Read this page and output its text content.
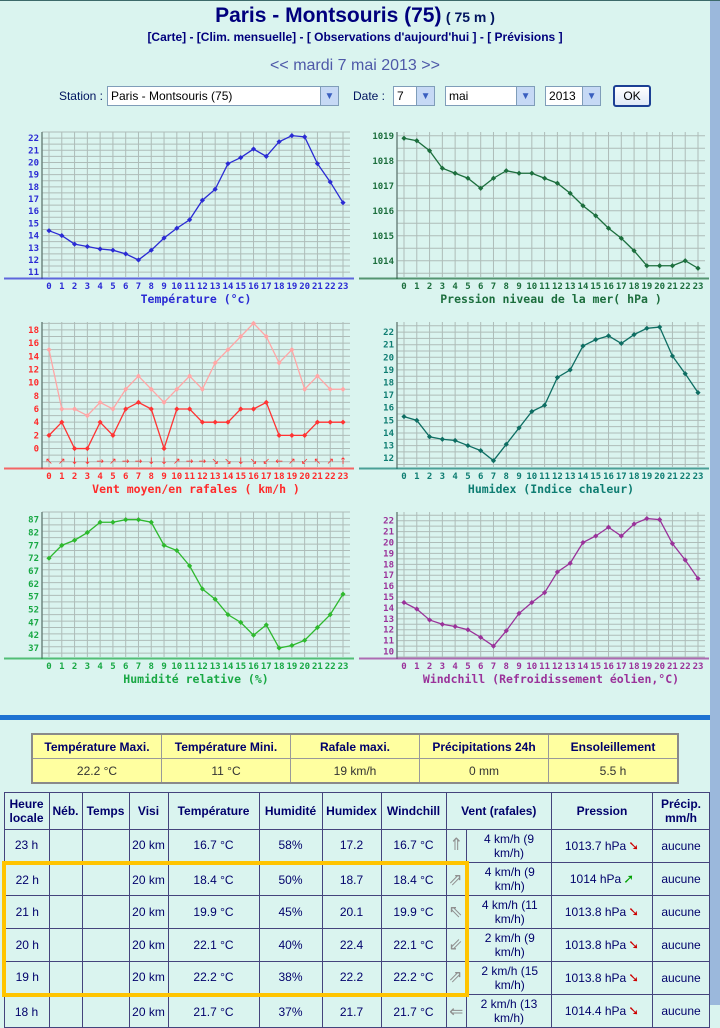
Paris - Montsouris (75) ( 75 m )
[Carte] - [Clim. mensuelle] - [ Observations d'aujourd'hui ] - [ Prévisions ]
<< mardi 7 mai 2013 >>
Station : Paris - Montsouris (75)	▼ Date : 7	▼ mai	▼ 2013	▼	OK
22
21
20
19
18
17
16
15
14
13
12
11
0 1 2 3 4 5 6 7 8 9 10 11 12 13 14 15 16 17 18 19 20 21 22 23
Température (°c)
1019
1018
1017
1016
1015
1014
0 1 2 3 4 5 6 7 8 9 10 11 12 13 14 15 16 17 18 19 20 21 22 23
Pression niveau de la mer( hPa )
18
16
14
12
10
8
6
4
2
0
0 1 2 3 4 5 6 7 8 9 10 11 12 13 14 15 16 17 18 19 20 21 22 23
Vent moyen/en rafales ( km/h )
↖ ↗ ↓ ↓ → ↗ → → ↓ ↓ ↗ → → ↘ ↘ ↓ ↘ ↙ ← ↗ ↙ ↖ ↗ ↑
22
21
20
19
18
17
16
15
14
13
12
0 1 2 3 4 5 6 7 8 9 10 11 12 13 14 15 16 17 18 19 20 21 22 23
Humidex (Indice chaleur)
87
82
77
72
67
62
57
52
47
42
37
0 1 2 3 4 5 6 7 8 9 10 11 12 13 14 15 16 17 18 19 20 21 22 23
Humidité relative (%)
22
21
20
19
18
17
16
15
14
13
12
11
10
0 1 2 3 4 5 6 7 8 9 10 11 12 13 14 15 16 17 18 19 20 21 22 23
Windchill (Refroidissement éolien,°C)
Température Maxi.	Température Mini.	Rafale maxi.	Précipitations 24h	Ensoleillement
22.2 °C	11 °C	19 km/h	0 mm	5.5 h
Heure locale	Néb.	Temps	Visi	Température	Humidité	Humidex	Windchill	Vent (rafales)		Pression	Précip. mm/h
23 h			20 km	16.7 °C	58%	17.2	16.7 °C	⇑	4 km/h (9 km/h)	1013.7 hPa ➘	aucune
22 h			20 km	18.4 °C	50%	18.7	18.4 °C	⇗	4 km/h (9 km/h)	1014 hPa ➚	aucune
21 h			20 km	19.9 °C	45%	20.1	19.9 °C	⇖	4 km/h (11 km/h)	1013.8 hPa ➘	aucune
20 h			20 km	22.1 °C	40%	22.4	22.1 °C	⇙	2 km/h (9 km/h)	1013.8 hPa ➘	aucune
19 h			20 km	22.2 °C	38%	22.2	22.2 °C	⇗	2 km/h (15 km/h)	1013.8 hPa ➘	aucune
18 h			20 km	21.7 °C	37%	21.7	21.7 °C	⇐	2 km/h (13 km/h)	1014.4 hPa ➘	aucune
